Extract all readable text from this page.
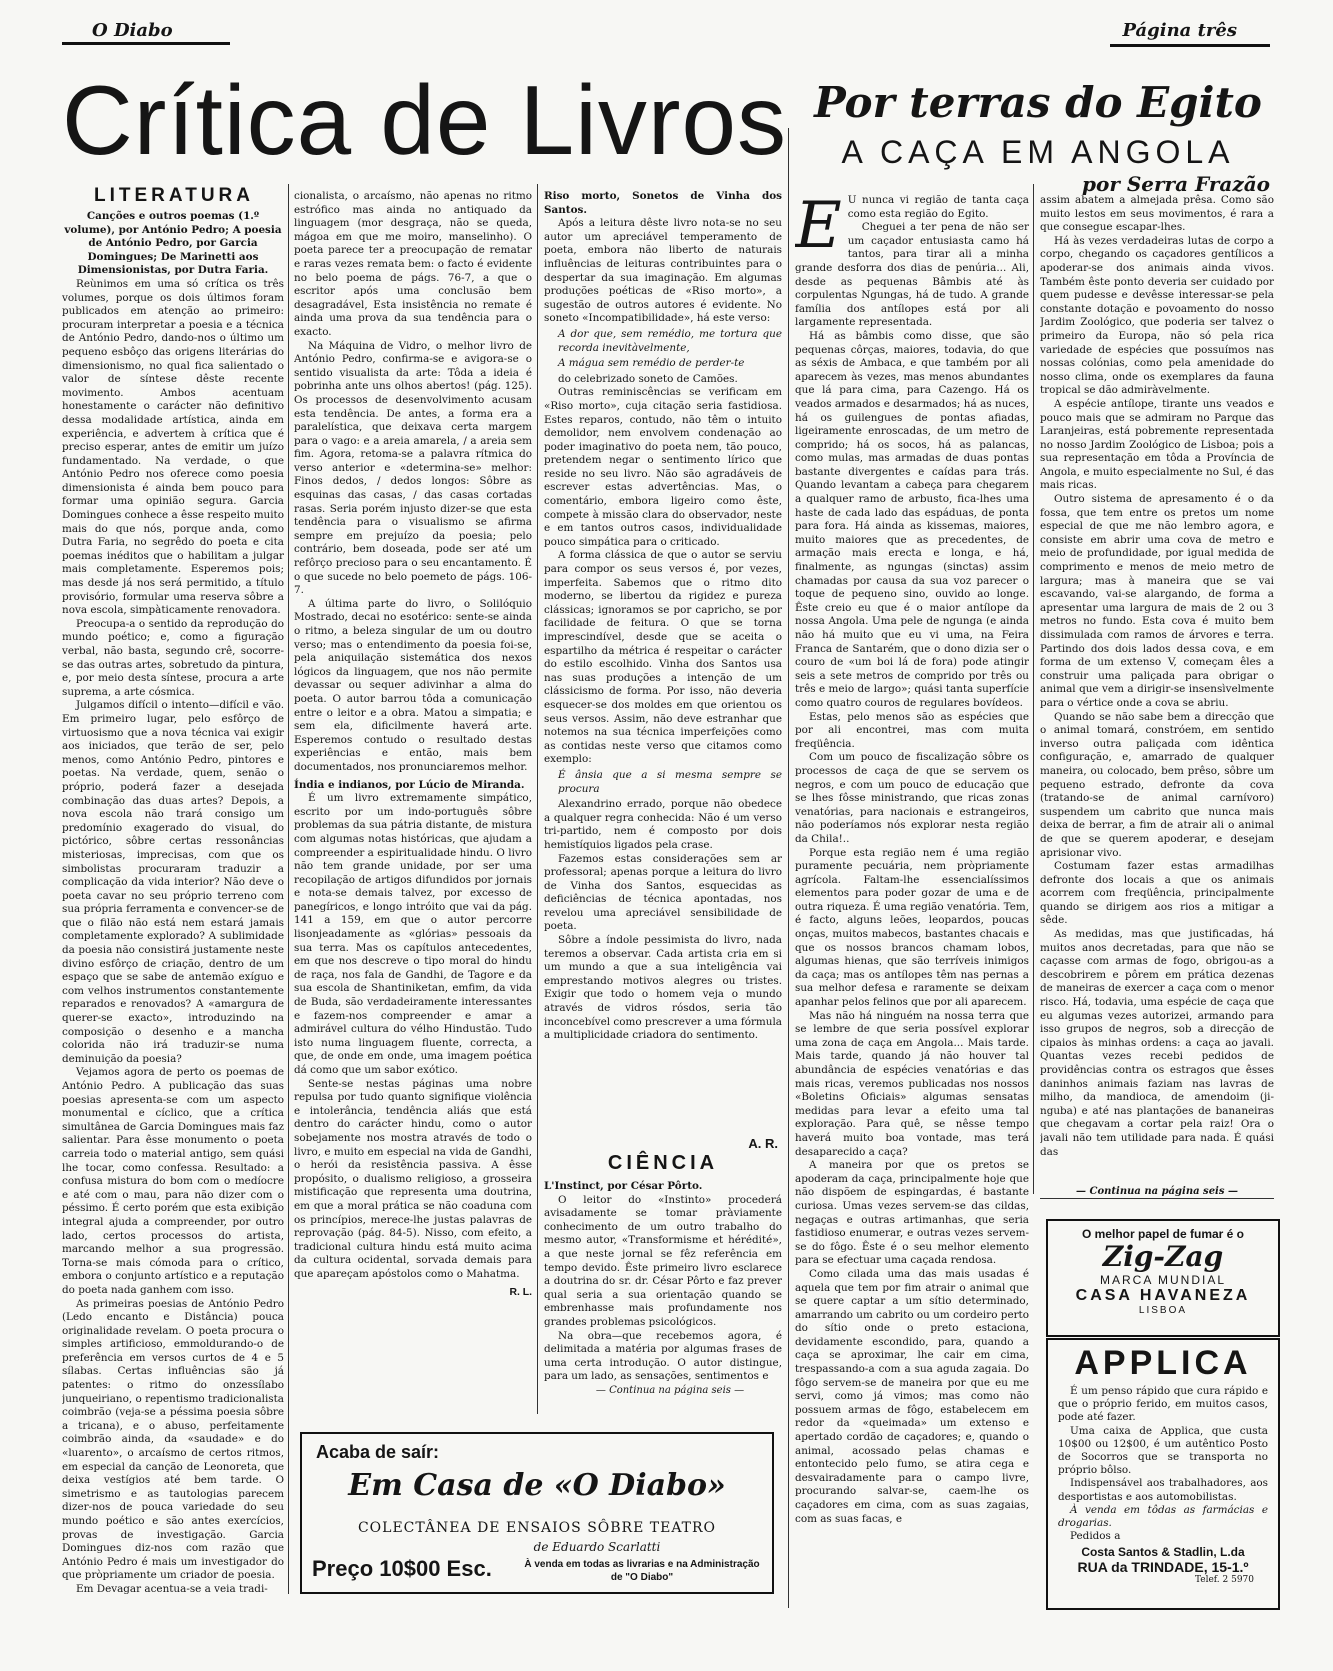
O Diabo	Página três
Crítica de Livros Por terras do Egito
A CAÇA EM ANGOLA
por Serra Frazão
LITERATURA

Canções e outros poemas (1.º volume), por António Pedro; A poesia de António Pedro, por Garcia Domingues; De Marinetti aos Dimensionistas, por Dutra Faria.

Reùnimos em uma só crítica os três volumes, porque os dois últimos foram publicados em atenção ao primeiro: procuram interpretar a poesia e a técnica de António Pedro, dando-nos o último um pequeno esbôço das origens literárias do dimensionismo, no qual fica salientado o valor de síntese dêste recente movimento. Ambos acentuam honestamente o carácter não definitivo dessa modalidade artística, ainda em experiência, e advertem à crítica que é preciso esperar, antes de emitir um juízo fundamentado. Na verdade, o que António Pedro nos oferece como poesia dimensionista é ainda bem pouco para formar uma opinião segura. Garcia Domingues conhece a êsse respeito muito mais do que nós, porque anda, como Dutra Faria, no segrêdo do poeta e cita poemas inéditos que o habilitam a julgar mais completamente. Esperemos pois; mas desde já nos será permitido, a título provisório, formular uma reserva sôbre a nova escola, simpàticamente renovadora.

Preocupa-a o sentido da reprodução do mundo poético; e, como a figuração verbal, não basta, segundo crê, socorre-se das outras artes, sobretudo da pintura, e, por meio desta síntese, procura a arte suprema, a arte cósmica.

Julgamos difícil o intento—difícil e vão. Em primeiro lugar, pelo esfôrço de virtuosismo que a nova técnica vai exigir aos iniciados, que terão de ser, pelo menos, como António Pedro, pintores e poetas. Na verdade, quem, senão o próprio, poderá fazer a desejada combinação das duas artes? Depois, a nova escola não trará consigo um predomínio exagerado do visual, do pictórico, sôbre certas ressonâncias misteriosas, imprecisas, com que os simbolistas procuraram traduzir a complicação da vida interior? Não deve o poeta cavar no seu próprio terreno com sua própria ferramenta e convencer-se de que o filão não está nem estará jamais completamente explorado? A sublimidade da poesia não consistirá justamente neste divino esfôrço de criação, dentro de um espaço que se sabe de antemão exíguo e com velhos instrumentos constantemente reparados e renovados? A «amargura de querer-se exacto», introduzindo na composição o desenho e a mancha colorida não irá traduzir-se numa deminuição da poesia?

Vejamos agora de perto os poemas de António Pedro. A publicação das suas poesias apresenta-se com um aspecto monumental e cíclico, que a crítica simultânea de Garcia Domingues mais faz salientar. Para êsse monumento o poeta carreia todo o material antigo, sem quási lhe tocar, como confessa. Resultado: a confusa mistura do bom com o medíocre e até com o mau, para não dizer com o péssimo. É certo porém que esta exibição integral ajuda a compreender, por outro lado, certos processos do artista, marcando melhor a sua progressão. Torna-se mais cómoda para o crítico, embora o conjunto artístico e a reputação do poeta nada ganhem com isso.

As primeiras poesias de António Pedro (Ledo encanto e Distância) pouca originalidade revelam. O poeta procura o simples artificioso, emmoldurando-o de preferência em versos curtos de 4 e 5 sílabas. Certas influências são já patentes: o ritmo do onzessílabo junqueiriano, o repentismo tradicionalista coimbrão (veja-se a péssima poesia sôbre a tricana), e o abuso, perfeitamente coimbrão ainda, da «saudade» e do «luarento», o arcaísmo de certos ritmos, em especial da canção de Leonoreta, que deixa vestígios até bem tarde. O simetrismo e as tautologias parecem dizer-nos de pouca variedade do seu mundo poético e são antes exercícios, provas de investigação. Garcia Domingues diz-nos com razão que António Pedro é mais um investigador do que pròpriamente um criador de poesia.

Em Devagar acentua-se a veia tradi-

cionalista, o arcaísmo, não apenas no ritmo estrófico mas ainda no antiquado da linguagem (mor desgraça, não se queda, mágoa em que me moiro, manselinho). O poeta parece ter a preocupação de rematar e raras vezes remata bem: o facto é evidente no belo poema de págs. 76-7, a que o escritor após uma conclusão bem desagradável, Esta insistência no remate é ainda uma prova da sua tendência para o exacto.

Na Máquina de Vidro, o melhor livro de António Pedro, confirma-se e avigora-se o sentido visualista da arte: Tôda a ideia é pobrinha ante uns olhos abertos! (pág. 125). Os processos de desenvolvimento acusam esta tendência. De antes, a forma era a paralelística, que deixava certa margem para o vago: e a areia amarela, / a areia sem fim. Agora, retoma-se a palavra rítmica do verso anterior e «determina-se» melhor: Finos dedos, / dedos longos: Sôbre as esquinas das casas, / das casas cortadas rasas. Seria porém injusto dizer-se que esta tendência para o visualismo se afirma sempre em prejuízo da poesia; pelo contrário, bem doseada, pode ser até um refôrço precioso para o seu encantamento. É o que sucede no belo poemeto de págs. 106-7.

A última parte do livro, o Solilóquio Mostrado, decai no esotérico: sente-se ainda o ritmo, a beleza singular de um ou doutro verso; mas o entendimento da poesia foi-se, pela aniquilação sistemática dos nexos lógicos da linguagem, que nos não permite devassar ou sequer adivinhar a alma do poeta. O autor barrou tôda a comunicação entre o leitor e a obra. Matou a simpatia; e sem ela, dificilmente haverá arte. Esperemos contudo o resultado destas experiências e então, mais bem documentados, nos pronunciaremos melhor.

Índia e indianos, por Lúcio de Miranda.

É um livro extremamente simpático, escrito por um indo-português sôbre problemas da sua pátria distante, de mistura com algumas notas históricas, que ajudam a compreender a espiritualidade hindu. O livro não tem grande unidade, por ser uma recopilação de artigos difundidos por jornais e nota-se demais talvez, por excesso de panegíricos, e longo intróito que vai da pág. 141 a 159, em que o autor percorre lisonjeadamente as «glórias» pessoais da sua terra. Mas os capítulos antecedentes, em que nos descreve o tipo moral do hindu de raça, nos fala de Gandhi, de Tagore e da sua escola de Shantiniketan, emfim, da vida de Buda, são verdadeiramente interessantes e fazem-nos compreender e amar a admirável cultura do vélho Hindustão. Tudo isto numa linguagem fluente, correcta, a que, de onde em onde, uma imagem poética dá como que um sabor exótico.

Sente-se nestas páginas uma nobre repulsa por tudo quanto signifique violência e intolerância, tendência aliás que está dentro do carácter hindu, como o autor sobejamente nos mostra através de todo o livro, e muito em especial na vida de Gandhi, o herói da resistência passiva. A êsse propósito, o dualismo religioso, a grosseira mistificação que representa uma doutrina, em que a moral prática se não coaduna com os princípios, merece-lhe justas palavras de reprovação (pág. 84-5). Nisso, com efeito, a tradicional cultura hindu está muito acima da cultura ocidental, sorvada demais para que apareçam apóstolos como o Mahatma.

R. L.

Riso morto, Sonetos de Vinha dos Santos.

Após a leitura dêste livro nota-se no seu autor um apreciável temperamento de poeta, embora não liberto de naturais influências de leituras contribuintes para o despertar da sua imaginação. Em algumas produções poéticas de «Riso morto», a sugestão de outros autores é evidente. No soneto «Incompatibilidade», há este verso:

A dor que, sem remédio, me tortura que recorda inevitàvelmente,

A mágua sem remédio de perder-te

do celebrizado soneto de Camões.

Outras reminiscências se verificam em «Riso morto», cuja citação seria fastidiosa. Estes reparos, contudo, não têm o intuito demolidor, nem envolvem condenação ao poder imaginativo do poeta nem, tão pouco, pretendem negar o sentimento lírico que reside no seu livro. Não são agradáveis de escrever estas advertências. Mas, o comentário, embora ligeiro como êste, compete à missão clara do observador, neste e em tantos outros casos, individualidade pouco simpática para o criticado.

A forma clássica de que o autor se serviu para compor os seus versos é, por vezes, imperfeita. Sabemos que o ritmo dito moderno, se libertou da rigidez e pureza clássicas; ignoramos se por capricho, se por facilidade de feitura. O que se torna imprescindível, desde que se aceita o espartilho da métrica é respeitar o carácter do estilo escolhido. Vinha dos Santos usa nas suas produções a intenção de um clássicismo de forma. Por isso, não deveria esquecer-se dos moldes em que orientou os seus versos. Assim, não deve estranhar que notemos na sua técnica imperfeições como as contidas neste verso que citamos como exemplo:

É ânsia que a si mesma sempre se procura

Alexandrino errado, porque não obedece a qualquer regra conhecida: Não é um verso tri-partido, nem é composto por dois hemistíquios ligados pela crase.

Fazemos estas considerações sem ar professoral; apenas porque a leitura do livro de Vinha dos Santos, esquecidas as deficiências de técnica apontadas, nos revelou uma apreciável sensibilidade de poeta.

Sôbre a índole pessimista do livro, nada teremos a observar. Cada artista cria em si um mundo a que a sua inteligência vai emprestando motivos alegres ou tristes. Exigir que todo o homem veja o mundo através de vidros rósdos, seria tão inconcebível como prescrever a uma fórmula a multiplicidade criadora do sentimento.

A. R.
CIÊNCIA

L'Instinct, por César Pôrto.

O leitor do «Instinto» procederá avisadamente se tomar pràviamente conhecimento de um outro trabalho do mesmo autor, «Transformisme et hérédité», a que neste jornal se fêz referência em tempo devido. Êste primeiro livro esclarece a doutrina do sr. dr. César Pôrto e faz prever qual seria a sua orientação quando se embrenhasse mais profundamente nos grandes problemas psicológicos.

Na obra—que recebemos agora, é delimitada a matéria por algumas frases de uma certa introdução. O autor distingue, para um lado, as sensações, sentimentos e

— Continua na página seis —

Acaba de saír:
Em Casa de «O Diabo»
COLECTÂNEA DE ENSAIOS SÔBRE TEATRO
de Eduardo Scarlatti
Preço 10$00 Esc.	À venda em todas as livrarias e na Administração de "O Diabo"
E U nunca vi região de tanta caça como esta região do Egito.

Cheguei a ter pena de não ser um caçador entusiasta camo há tantos, para tirar ali a minha grande desforra dos dias de penúria... Ali, desde as pequenas Bâmbis até às corpulentas Ngungas, há de tudo. A grande família dos antílopes está por ali largamente representada.

Há as bâmbis como disse, que são pequenas côrças, maiores, todavia, do que as séxis de Ambaca, e que também por ali aparecem às vezes, mas menos abundantes que lá para cima, para Cazengo. Há os veados armados e desarmados; há as nuces, há os guilengues de pontas afiadas, ligeiramente enroscadas, de um metro de comprido; há os socos, há as palancas, como mulas, mas armadas de duas pontas bastante divergentes e caídas para trás. Quando levantam a cabeça para chegarem a qualquer ramo de arbusto, fica-lhes uma haste de cada lado das espáduas, de ponta para fora. Há ainda as kissemas, maiores, muito maiores que as precedentes, de armação mais erecta e longa, e há, finalmente, as ngungas (sinctas) assim chamadas por causa da sua voz parecer o toque de pequeno sino, ouvido ao longe. Êste creio eu que é o maior antílope da nossa Angola. Uma pele de ngunga (e ainda não há muito que eu vi uma, na Feira Franca de Santarém, que o dono dizia ser o couro de «um boi lá de fora) pode atingir seis a sete metros de comprido por três ou três e meio de largo»; quási tanta superfície como quatro couros de regulares bovídeos.

Estas, pelo menos são as espécies que por ali encontrei, mas com muita freqüência.

Com um pouco de fiscalização sôbre os processos de caça de que se servem os negros, e com um pouco de educação que se lhes fôsse ministrando, que ricas zonas venatórias, para nacionais e estrangeiros, não poderíamos nós explorar nesta região da Chila!..

Porque esta região nem é uma região puramente pecuária, nem pròpriamente agrícola. Faltam-lhe essencialíssimos elementos para poder gozar de uma e de outra riqueza. É uma região venatória. Tem, é facto, alguns leões, leopardos, poucas onças, muitos mabecos, bastantes chacais e que os nossos brancos chamam lobos, algumas hienas, que são terríveis inimigos da caça; mas os antílopes têm nas pernas a sua melhor defesa e raramente se deixam apanhar pelos felinos que por ali aparecem.

Mas não há ninguém na nossa terra que se lembre de que seria possível explorar uma zona de caça em Angola... Mais tarde. Mais tarde, quando já não houver tal abundância de espécies venatórias e das mais ricas, veremos publicadas nos nossos «Boletins Oficiais» algumas sensatas medidas para levar a efeito uma tal exploração. Para quê, se nêsse tempo haverá muito boa vontade, mas terá desaparecido a caça?

A maneira por que os pretos se apoderam da caça, principalmente hoje que não dispõem de espingardas, é bastante curiosa. Umas vezes servem-se das cildas, negaças e outras artimanhas, que seria fastidioso enumerar, e outras vezes servem-se do fôgo. Êste é o seu melhor elemento para se efectuar uma caçada rendosa.

Como cilada uma das mais usadas é aquela que tem por fim atrair o animal que se quere captar a um sítio determinado, amarrando um cabrito ou um cordeiro perto do sítio onde o preto estaciona, devidamente escondido, para, quando a caça se aproximar, lhe cair em cima, trespassando-a com a sua aguda zagaia. Do fôgo servem-se de maneira por que eu me servi, como já vimos; mas como não possuem armas de fôgo, estabelecem em redor da «queimada» um extenso e apertado cordão de caçadores; e, quando o animal, acossado pelas chamas e entontecido pelo fumo, se atira cega e desvairadamente para o campo livre, procurando salvar-se, caem-lhe os caçadores em cima, com as suas zagaias, com as suas facas, e

assim abatem a almejada prêsa. Como são muito lestos em seus movimentos, é rara a que consegue escapar-lhes.

Há às vezes verdadeiras lutas de corpo a corpo, chegando os caçadores gentílicos a apoderar-se dos animais ainda vivos. Também êste ponto deveria ser cuidado por quem pudesse e devêsse interessar-se pela constante dotação e povoamento do nosso Jardim Zoológico, que poderia ser talvez o primeiro da Europa, não só pela rica variedade de espécies que possuímos nas nossas colónias, como pela amenidade do nosso clima, onde os exemplares da fauna tropical se dão admiràvelmente.

A espécie antílope, tirante uns veados e pouco mais que se admiram no Parque das Laranjeiras, está pobremente representada no nosso Jardim Zoológico de Lisboa; pois a sua representação em tôda a Província de Angola, e muito especialmente no Sul, é das mais ricas.

Outro sistema de apresamento é o da fossa, que tem entre os pretos um nome especial de que me não lembro agora, e consiste em abrir uma cova de metro e meio de profundidade, por igual medida de comprimento e menos de meio metro de largura; mas à maneira que se vai escavando, vai-se alargando, de forma a apresentar uma largura de mais de 2 ou 3 metros no fundo. Esta cova é muito bem dissimulada com ramos de árvores e terra. Partindo dos dois lados dessa cova, e em forma de um extenso V, começam êles a construir uma paliçada para obrigar o animal que vem a dirigir-se insensìvelmente para o vértice onde a cova se abriu.

Quando se não sabe bem a direcção que o animal tomará, constróem, em sentido inverso outra paliçada com idêntica configuração, e, amarrado de qualquer maneira, ou colocado, bem prêso, sôbre um pequeno estrado, defronte da cova (tratando-se de animal carnívoro) suspendem um cabrito que nunca mais deixa de berrar, a fim de atrair ali o animal de que se querem apoderar, e desejam aprisionar vivo.

Costumam fazer estas armadilhas defronte dos locais a que os animais acorrem com freqüência, principalmente quando se dirigem aos rios a mitigar a sêde.

As medidas, mas que justificadas, há muitos anos decretadas, para que não se caçasse com armas de fogo, obrigou-as a descobrirem e pôrem em prática dezenas de maneiras de exercer a caça com o menor risco. Há, todavia, uma espécie de caça que eu algumas vezes autorizei, armando para isso grupos de negros, sob a direcção de cipaios às minhas ordens: a caça ao javali. Quantas vezes recebi pedidos de providências contra os estragos que êsses daninhos animais faziam nas lavras de milho, da mandioca, de amendoim (ji-nguba) e até nas plantações de bananeiras que chegavam a cortar pela raiz! Ora o javali não tem utilidade para nada. É quási das

— Continua na página seis —
O melhor papel de fumar é o
Zig-Zag
MARCA MUNDIAL
CASA HAVANEZA
LISBOA
APPLICA

É um penso rápido que cura rápido e que o próprio ferido, em muitos casos, pode até fazer.

Uma caixa de Applica, que custa 10$00 ou 12$00, é um autêntico Posto de Socorros que se transporta no próprio bôlso.

Indispensável aos trabalhadores, aos desportistas e aos automobilistas.

À venda em tôdas as farmácias e drogarias.

Pedidos a

Costa Santos & Stadlin, L.da
RUA da TRINDADE, 15-1.º
Telef. 2 5970
